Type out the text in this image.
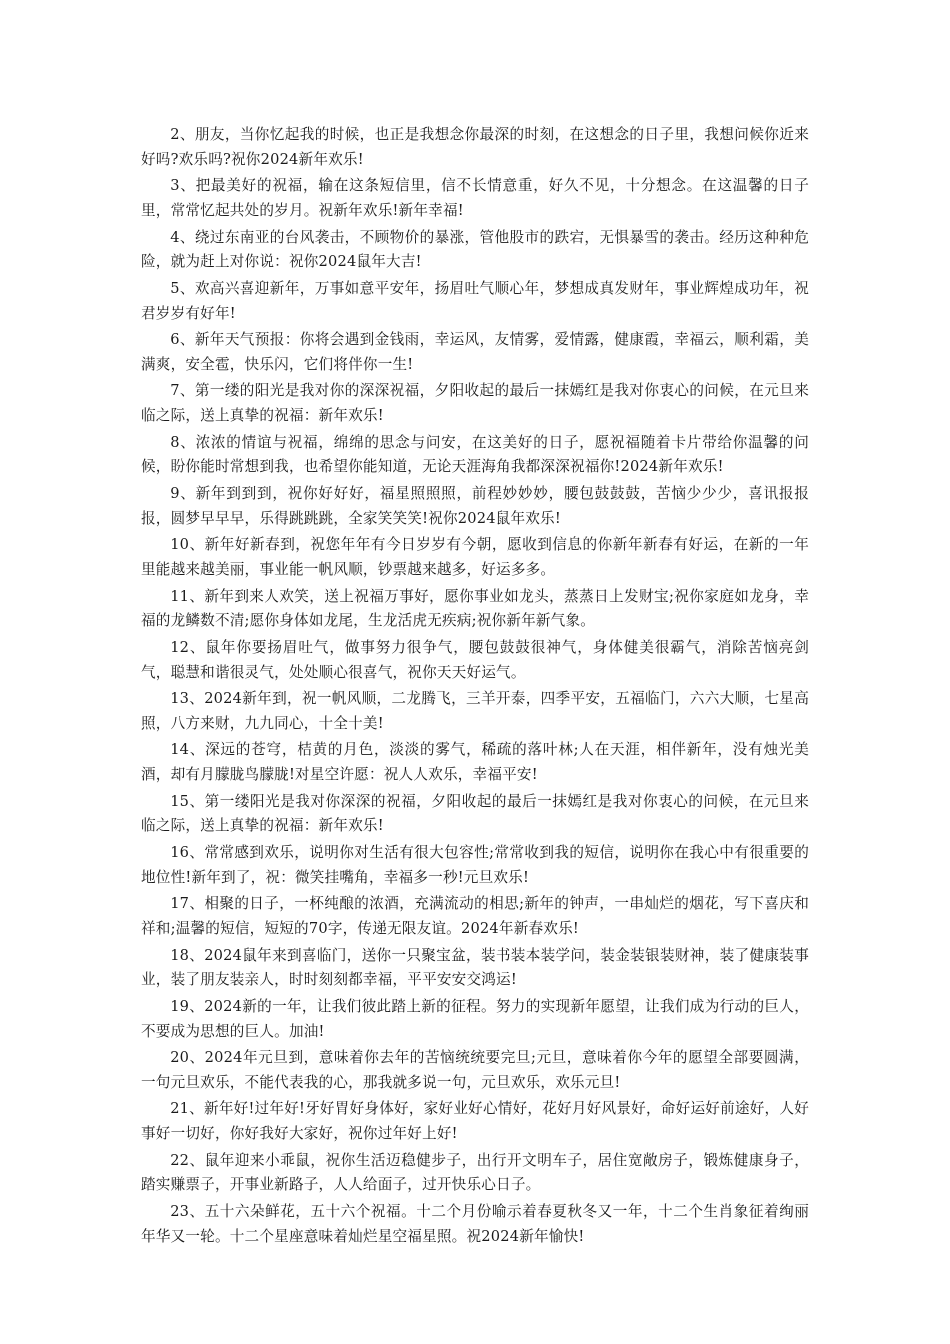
2、朋友，当你忆起我的时候，也正是我想念你最深的时刻，在这想念的日子里，我想问候你近来好吗?欢乐吗?祝你2024新年欢乐!

3、把最美好的祝福，输在这条短信里，信不长情意重，好久不见，十分想念。在这温馨的日子里，常常忆起共处的岁月。祝新年欢乐!新年幸福!

4、绕过东南亚的台风袭击，不顾物价的暴涨，管他股市的跌宕，无惧暴雪的袭击。经历这种种危险，就为赶上对你说：祝你2024鼠年大吉!

5、欢高兴喜迎新年，万事如意平安年，扬眉吐气顺心年，梦想成真发财年，事业辉煌成功年，祝君岁岁有好年!

6、新年天气预报：你将会遇到金钱雨，幸运风，友情雾，爱情露，健康霞，幸福云，顺利霜，美满爽，安全雹，快乐闪，它们将伴你一生!

7、第一缕的阳光是我对你的深深祝福，夕阳收起的最后一抹嫣红是我对你衷心的问候，在元旦来临之际，送上真挚的祝福：新年欢乐!

8、浓浓的情谊与祝福，绵绵的思念与问安，在这美好的日子，愿祝福随着卡片带给你温馨的问候，盼你能时常想到我，也希望你能知道，无论天涯海角我都深深祝福你!2024新年欢乐!

9、新年到到到，祝你好好好，福星照照照，前程妙妙妙，腰包鼓鼓鼓，苦恼少少少，喜讯报报报，圆梦早早早，乐得跳跳跳，全家笑笑笑!祝你2024鼠年欢乐!

10、新年好新春到，祝您年年有今日岁岁有今朝，愿收到信息的你新年新春有好运，在新的一年里能越来越美丽，事业能一帆风顺，钞票越来越多，好运多多。

11、新年到来人欢笑，送上祝福万事好，愿你事业如龙头，蒸蒸日上发财宝;祝你家庭如龙身，幸福的龙鳞数不清;愿你身体如龙尾，生龙活虎无疾病;祝你新年新气象。

12、鼠年你要扬眉吐气，做事努力很争气，腰包鼓鼓很神气，身体健美很霸气，消除苦恼亮剑气，聪慧和谐很灵气，处处顺心很喜气，祝你天天好运气。

13、2024新年到，祝一帆风顺，二龙腾飞，三羊开泰，四季平安，五福临门，六六大顺，七星高照，八方来财，九九同心，十全十美!

14、深远的苍穹，桔黄的月色，淡淡的雾气，稀疏的落叶林;人在天涯，相伴新年，没有烛光美酒，却有月朦胧鸟朦胧!对星空许愿：祝人人欢乐，幸福平安!

15、第一缕阳光是我对你深深的祝福，夕阳收起的最后一抹嫣红是我对你衷心的问候，在元旦来临之际，送上真挚的祝福：新年欢乐!

16、常常感到欢乐，说明你对生活有很大包容性;常常收到我的短信，说明你在我心中有很重要的地位性!新年到了，祝：微笑挂嘴角，幸福多一秒!元旦欢乐!

17、相聚的日子，一杯纯酿的浓酒，充满流动的相思;新年的钟声，一串灿烂的烟花，写下喜庆和祥和;温馨的短信，短短的70字，传递无限友谊。2024年新春欢乐!

18、2024鼠年来到喜临门，送你一只聚宝盆，装书装本装学问，装金装银装财神，装了健康装事业，装了朋友装亲人，时时刻刻都幸福，平平安安交鸿运!

19、2024新的一年，让我们彼此踏上新的征程。努力的实现新年愿望，让我们成为行动的巨人，不要成为思想的巨人。加油!

20、2024年元旦到，意味着你去年的苦恼统统要完旦;元旦，意味着你今年的愿望全部要圆满，一句元旦欢乐，不能代表我的心，那我就多说一句，元旦欢乐，欢乐元旦!

21、新年好!过年好!牙好胃好身体好，家好业好心情好，花好月好风景好，命好运好前途好，人好事好一切好，你好我好大家好，祝你过年好上好!

22、鼠年迎来小乖鼠，祝你生活迈稳健步子，出行开文明车子，居住宽敞房子，锻炼健康身子，踏实赚票子，开事业新路子，人人给面子，过开快乐心日子。

23、五十六朵鲜花，五十六个祝福。十二个月份喻示着春夏秋冬又一年，十二个生肖象征着绚丽年华又一轮。十二个星座意味着灿烂星空福星照。祝2024新年愉快!
